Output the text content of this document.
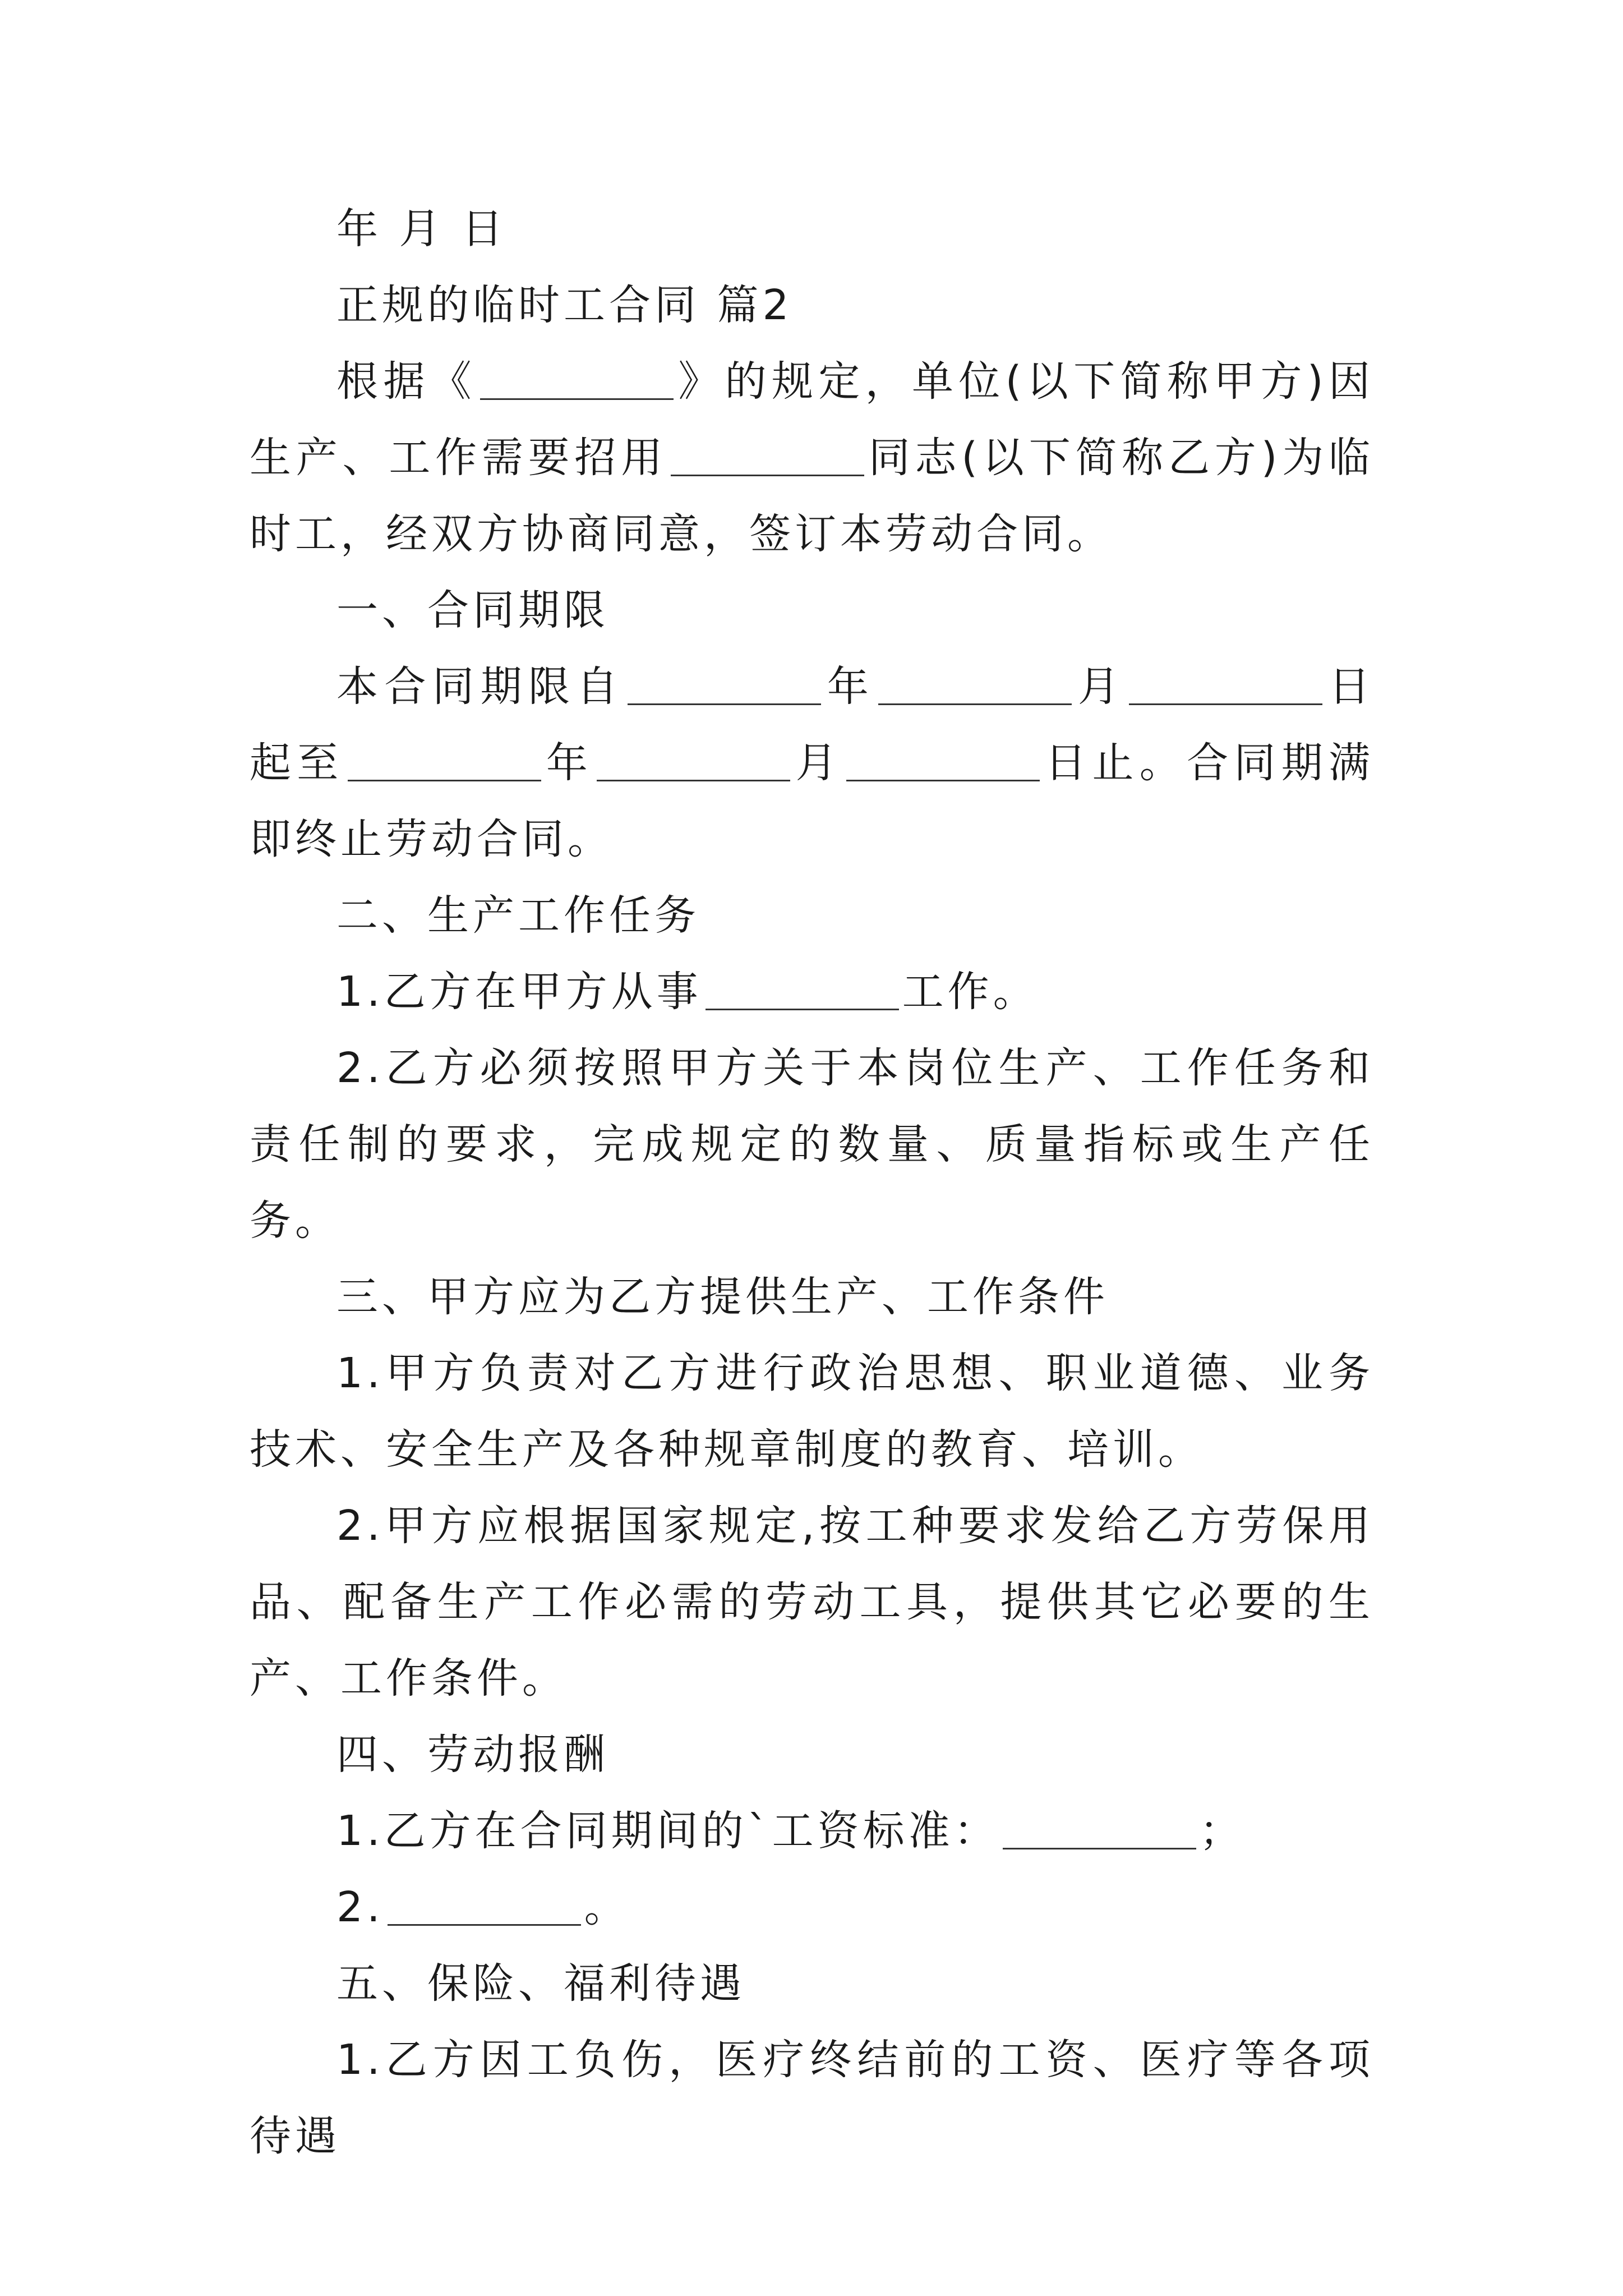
年 月 日

正规的临时工合同 篇2

根据《	》的规定，单位(以下简称甲方)因生产、工作需要招用	同志(以下简称乙方)为临时工，经双方协商同意，签订本劳动合同。

一、合同期限

本合同期限自	年	月	日起至	年	月	日止。合同期满即终止劳动合同。

二、生产工作任务

1.乙方在甲方从事	工作。

2.乙方必须按照甲方关于本岗位生产、工作任务和责任制的要求，完成规定的数量、质量指标或生产任务。

三、甲方应为乙方提供生产、工作条件

1.甲方负责对乙方进行政治思想、职业道德、业务技术、安全生产及各种规章制度的教育、培训。

2.甲方应根据国家规定,按工种要求发给乙方劳保用品、配备生产工作必需的劳动工具，提供其它必要的生产、工作条件。

四、劳动报酬

1.乙方在合同期间的`工资标准：	；

2.	。

五、保险、福利待遇

1.乙方因工负伤，医疗终结前的工资、医疗等各项待遇
